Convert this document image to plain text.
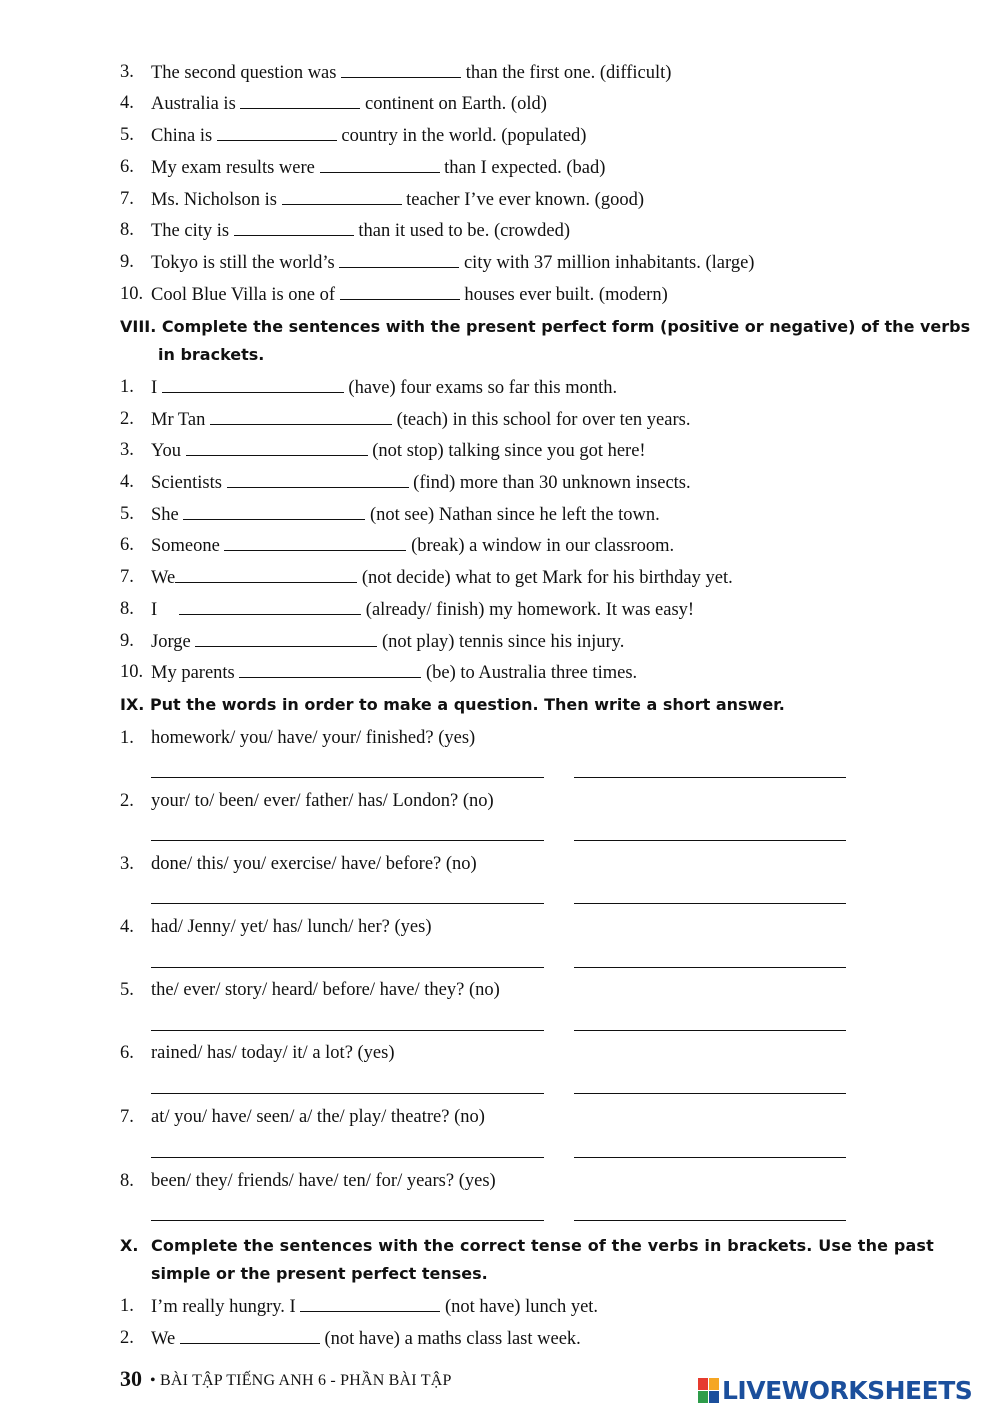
3. The second question was	than the first one. (difficult)
4. Australia is	continent on Earth. (old)
5. China is	country in the world. (populated)
6. My exam results were	than I expected. (bad)
7. Ms. Nicholson is	teacher I’ve ever known. (good)
8. The city is	than it used to be. (crowded)
9. Tokyo is still the world’s	city with 37 million inhabitants. (large)
10. Cool Blue Villa is one of	houses ever built. (modern)
VIII. Complete the sentences with the present perfect form (positive or negative) of the verbs
in brackets.
1. I	(have) four exams so far this month.
2. Mr Tan	(teach) in this school for over ten years.
3. You	(not stop) talking since you got here!
4. Scientists	(find) more than 30 unknown insects.
5. She	(not see) Nathan since he left the town.
6. Someone	(break) a window in our classroom.
7. We	(not decide) what to get Mark for his birthday yet.
8. I	(already/ finish) my homework. It was easy!
9. Jorge	(not play) tennis since his injury.
10. My parents	(be) to Australia three times.
IX. Put the words in order to make a question. Then write a short answer.
1. homework/ you/ have/ your/ finished? (yes)
2. your/ to/ been/ ever/ father/ has/ London? (no)
3. done/ this/ you/ exercise/ have/ before? (no)
4. had/ Jenny/ yet/ has/ lunch/ her? (yes)
5. the/ ever/ story/ heard/ before/ have/ they? (no)
6. rained/ has/ today/ it/ a lot? (yes)
7. at/ you/ have/ seen/ a/ the/ play/ theatre? (no)
8. been/ they/ friends/ have/ ten/ for/ years? (yes)
X. Complete the sentences with the correct tense of the verbs in brackets. Use the past
simple or the present perfect tenses.
1. I’m really hungry. I	(not have) lunch yet.
2. We	(not have) a maths class last week.
30 • BÀI TẬP TIẾNG ANH 6 - PHẦN BÀI TẬP	LIVEWORKSHEETS
